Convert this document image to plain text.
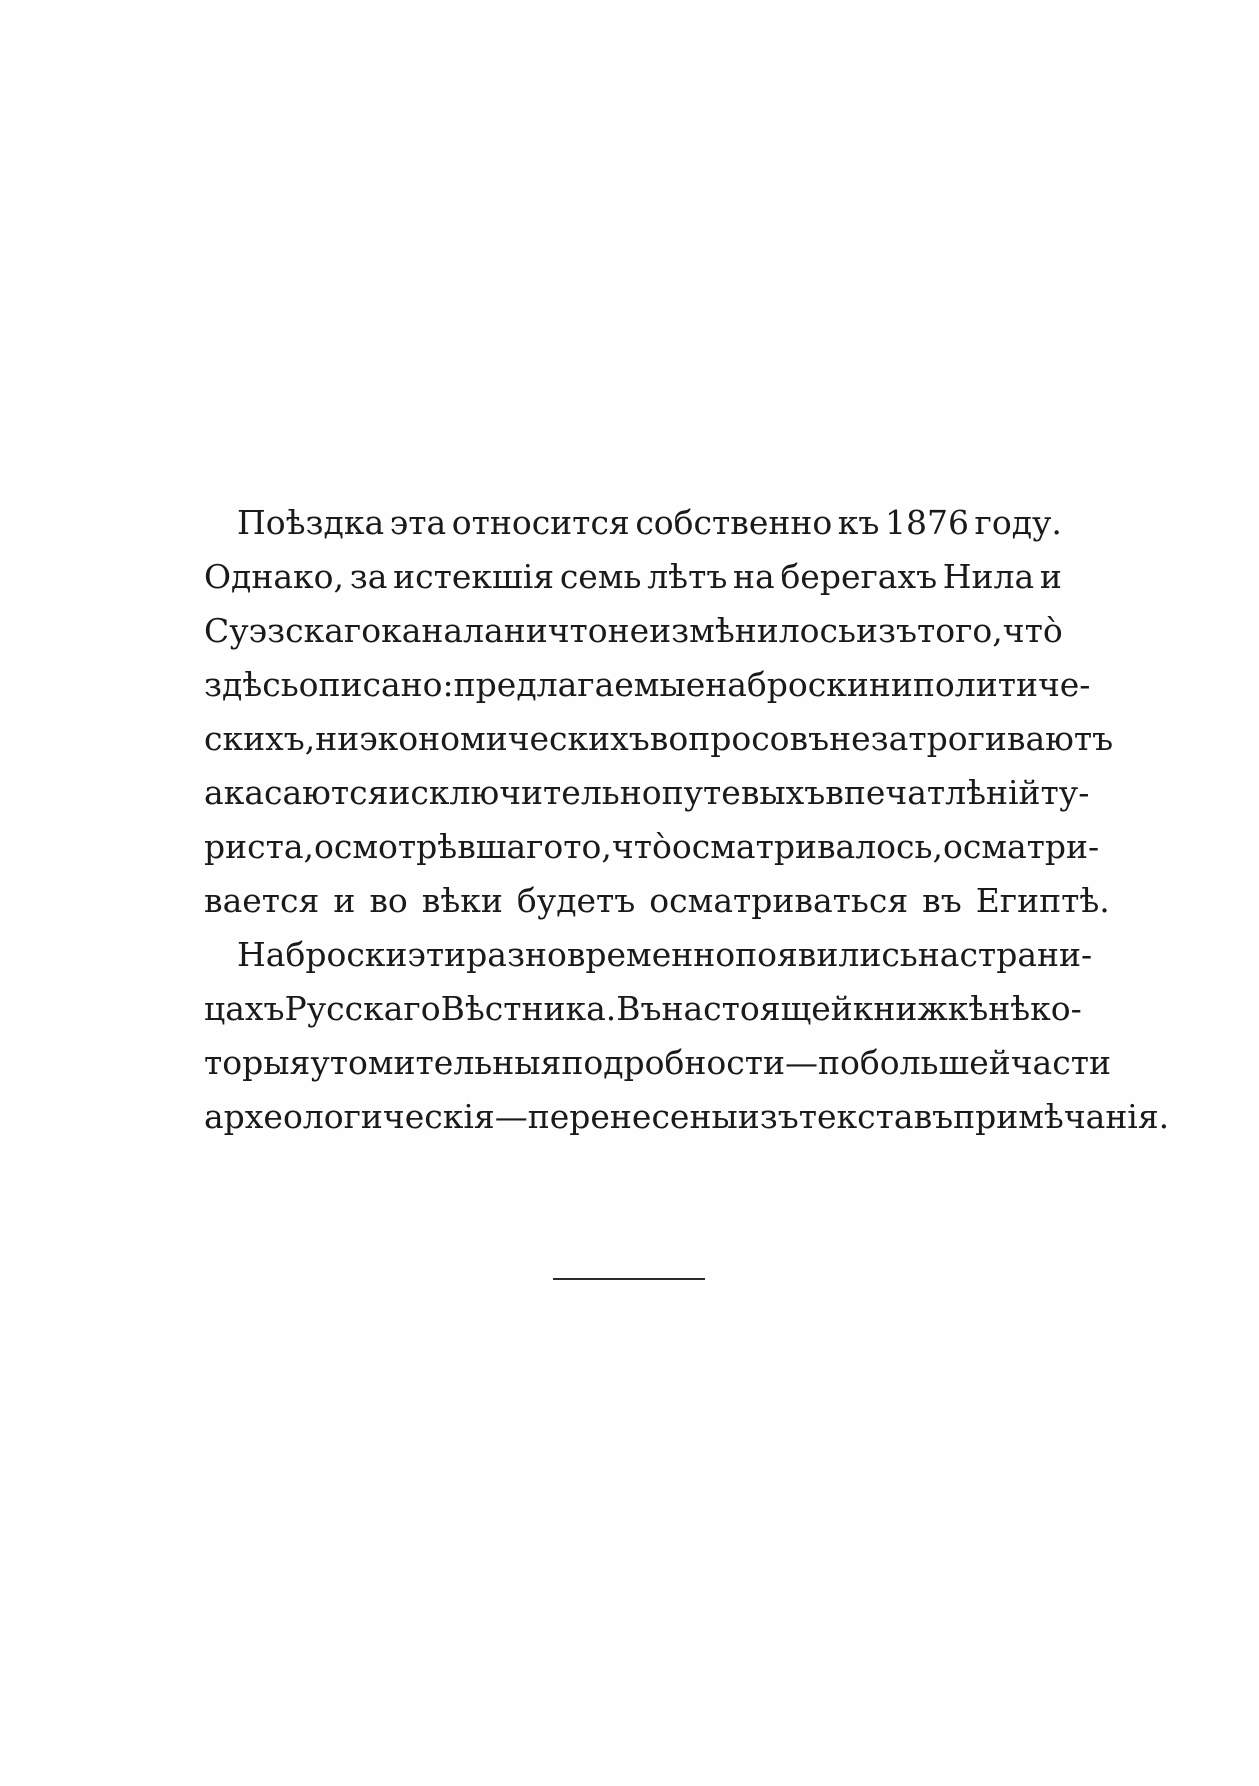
Поѣздка эта относится собственно къ 1876 году.
Однако, за истекшія семь лѣтъ на берегахъ Нила и
Суэзскаго канала ничто не измѣнилось изъ того, что̀
здѣсь описано: предлагаемые наброски ни политиче-
скихъ, ни экономическихъ вопросовъ не затрогиваютъ
а касаются исключительно путевыхъ впечатлѣній ту-
риста, осмотрѣвшаго то, что̀ осматривалось, осматри-
вается и во вѣки будетъ осматриваться въ Египтѣ.
Наброски эти разновременно появились на страни-
цахъ Русскаго Вѣстника. Въ настоящей книжкѣ нѣко-
торыя утомительныя подробности — по большей части
археологическія—перенесены изъ текста въ примѣчанія.
